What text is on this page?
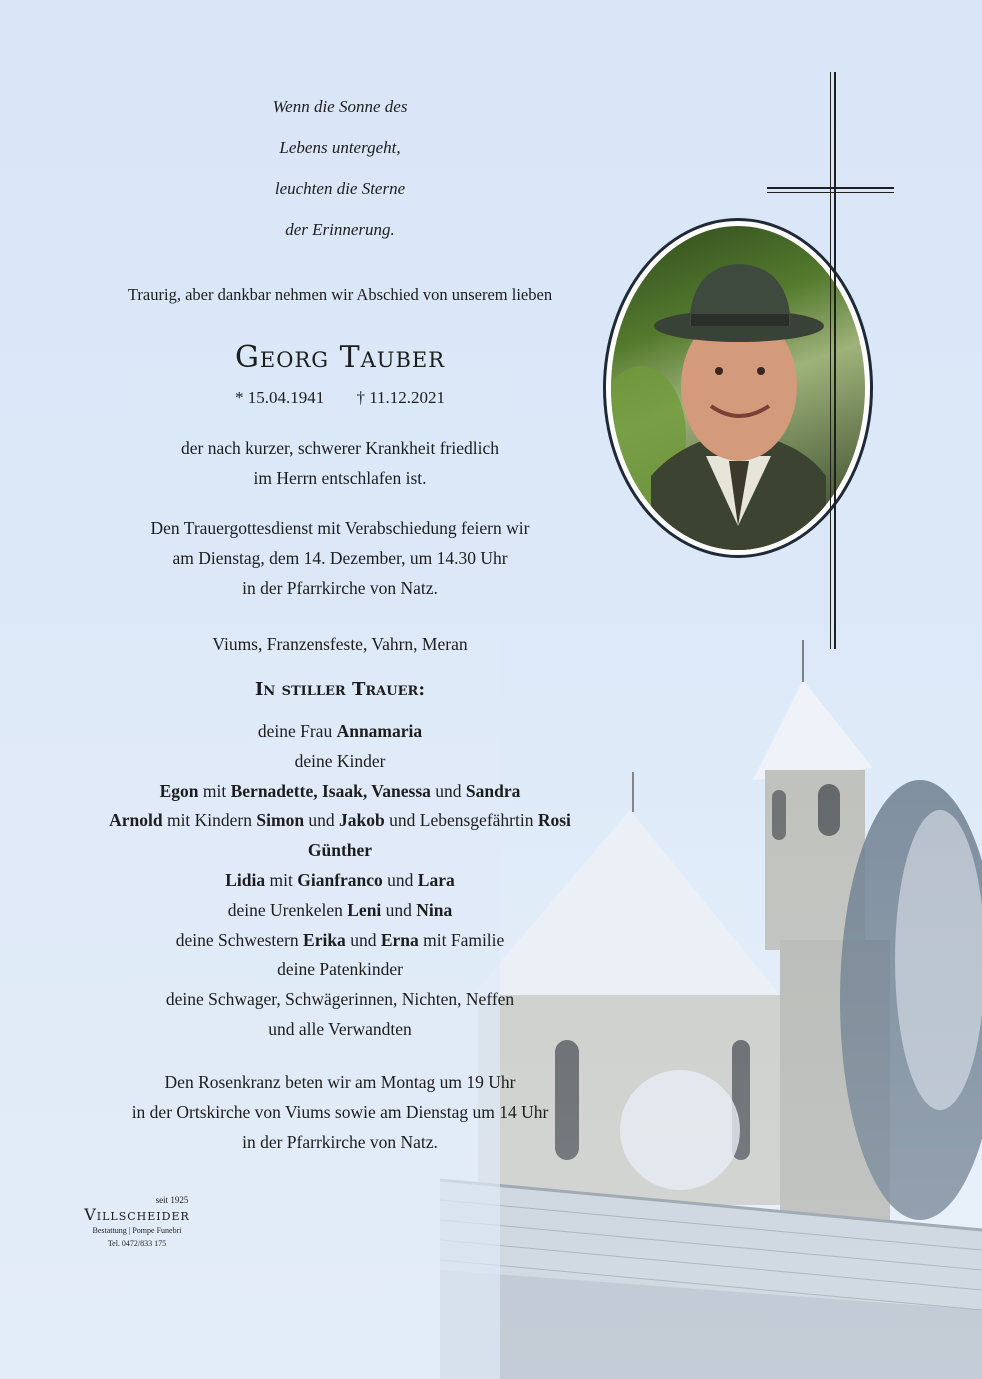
Wenn die Sonne des
Lebens untergeht,
leuchten die Sterne
der Erinnerung.
Traurig, aber dankbar nehmen wir Abschied von unserem lieben
Georg Tauber
* 15.04.1941 † 11.12.2021
der nach kurzer, schwerer Krankheit friedlich
im Herrn entschlafen ist.
Den Trauergottesdienst mit Verabschiedung feiern wir
am Dienstag, dem 14. Dezember, um 14.30 Uhr
in der Pfarrkirche von Natz.
Viums, Franzensfeste, Vahrn, Meran
In stiller Trauer:
deine Frau Annamaria
deine Kinder
Egon mit Bernadette, Isaak, Vanessa und Sandra
Arnold mit Kindern Simon und Jakob und Lebensgefährtin Rosi
Günther
Lidia mit Gianfranco und Lara
deine Urenkelen Leni und Nina
deine Schwestern Erika und Erna mit Familie
deine Patenkinder
deine Schwager, Schwägerinnen, Nichten, Neffen
und alle Verwandten
Den Rosenkranz beten wir am Montag um 19 Uhr
in der Ortskirche von Viums sowie am Dienstag um 14 Uhr
in der Pfarrkirche von Natz.
seit 1925
Villscheider
Bestattung | Pompe Funebri
Tel. 0472/833 175
